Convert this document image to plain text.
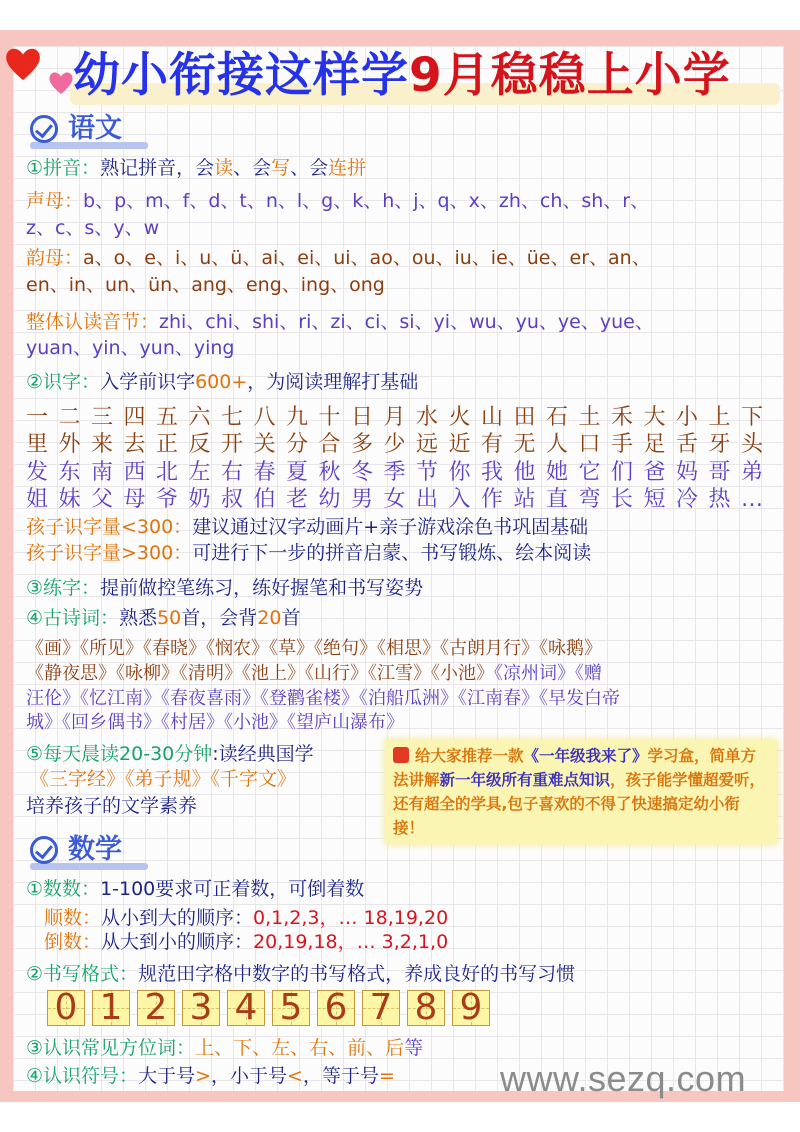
幼小衔接这样学9月稳稳上小学
语文
①拼音：熟记拼音，会读、会写、会连拼
声母：b、p、m、f、d、t、n、l、g、k、h、j、q、x、zh、ch、sh、r、
z、c、s、y、w
韵母：a、o、e、i、u、ü、ai、ei、ui、ao、ou、iu、ie、üe、er、an、
en、in、un、ün、ang、eng、ing、ong
整体认读音节：zhi、chi、shi、ri、zi、ci、si、yi、wu、yu、ye、yue、
yuan、yin、yun、ying
②识字：入学前识字600+，为阅读理解打基础
一二三四五六七八九十日月水火山田石土禾大小上下
里外来去正反开关分合多少远近有无人口手足舌牙头
发东南西北左右春夏秋冬季节你我他她它们爸妈哥弟
姐妹父母爷奶叔伯老幼男女出入作站直弯长短冷热…
孩子识字量<300：建议通过汉字动画片+亲子游戏涂色书巩固基础
孩子识字量>300：可进行下一步的拼音启蒙、书写锻炼、绘本阅读
③练字：提前做控笔练习，练好握笔和书写姿势
④古诗词：熟悉50首，会背20首
《画》《所见》《春晓》《悯农》《草》《绝句》《相思》《古朗月行》《咏鹅》
《静夜思》《咏柳》《清明》《池上》《山行》《江雪》《小池》《凉州词》《赠
汪伦》《忆江南》《春夜喜雨》《登鹳雀楼》《泊船瓜洲》《江南春》《早发白帝
城》《回乡偶书》《村居》《小池》《望庐山瀑布》
⑤每天晨读20-30分钟:读经典国学
《三字经》《弟子规》《千字文》
培养孩子的文学素养
给大家推荐一款《一年级我来了》学习盒，简单方法讲解新一年级所有重难点知识，孩子能学懂超爱听，还有超全的学具,包子喜欢的不得了快速搞定幼小衔接！
数学
①数数：1-100要求可正着数，可倒着数
顺数：从小到大的顺序：0,1,2,3，… 18,19,20
倒数：从大到小的顺序：20,19,18，… 3,2,1,0
②书写格式：规范田字格中数字的书写格式，养成良好的书写习惯
0 1 2 3 4 5 6 7 8 9
③认识常见方位词：上、下、左、右、前、后等
④认识符号：大于号>，小于号<，等于号=	www.sezq.com
